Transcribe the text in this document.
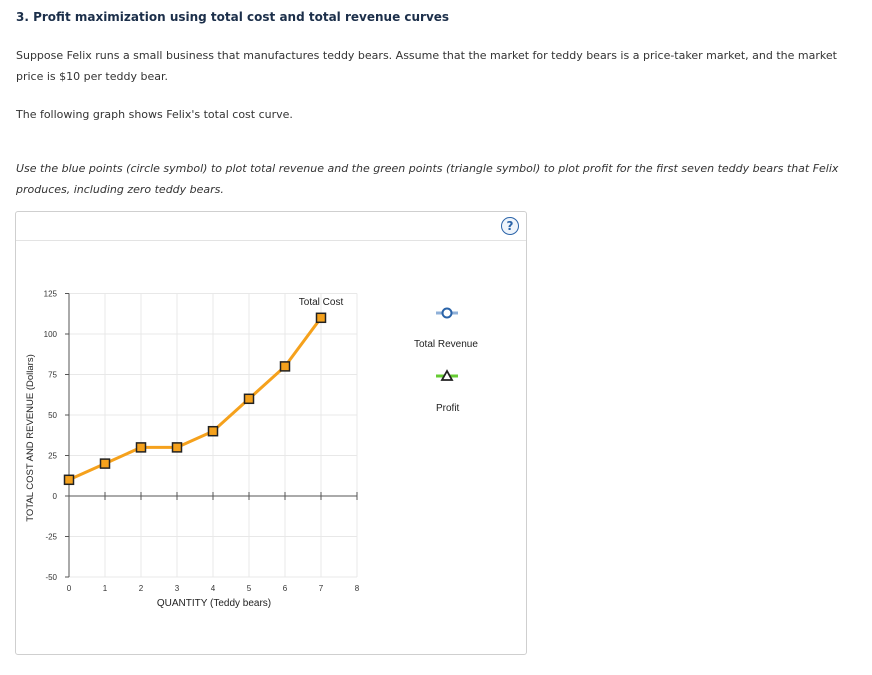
3. Profit maximization using total cost and total revenue curves
Suppose Felix runs a small business that manufactures teddy bears. Assume that the market for teddy bears is a price-taker market, and the market price is $10 per teddy bear.
The following graph shows Felix's total cost curve.
Use the blue points (circle symbol) to plot total revenue and the green points (triangle symbol) to plot profit for the first seven teddy bears that Felix produces, including zero teddy bears.
?
125
100
75
50
25
0
-25
-50
0	1	2	3	4	5	6	7	8
Total Cost
QUANTITY (Teddy bears)
TOTAL COST AND REVENUE (Dollars)
Total Revenue
Profit
